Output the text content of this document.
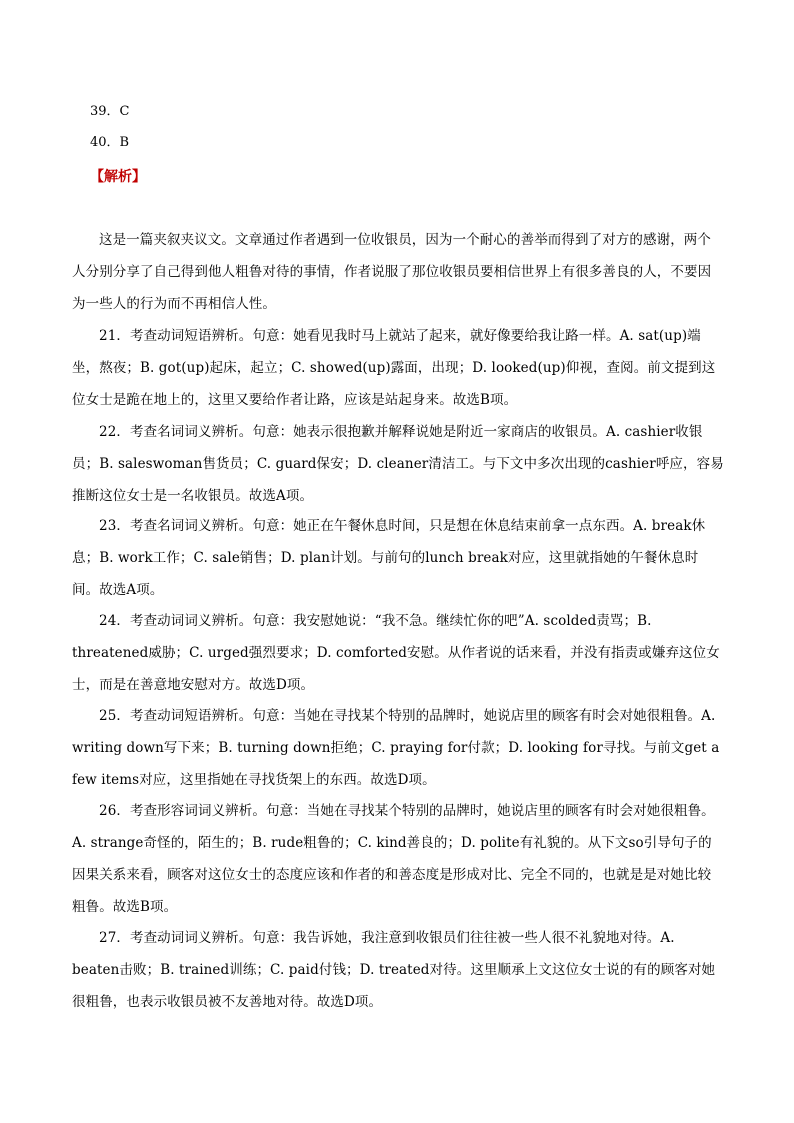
39．C
40．B
【解析】

这是一篇夹叙夹议文。文章通过作者遇到一位收银员，因为一个耐心的善举而得到了对方的感谢，两个人分别分享了自己得到他人粗鲁对待的事情，作者说服了那位收银员要相信世界上有很多善良的人，不要因为一些人的行为而不再相信人性。

21．考查动词短语辨析。句意：她看见我时马上就站了起来，就好像要给我让路一样。A. sat(up)端坐，熬夜；B. got(up)起床，起立；C. showed(up)露面，出现；D. looked(up)仰视，查阅。前文提到这位女士是跪在地上的，这里又要给作者让路，应该是站起身来。故选B项。

22．考查名词词义辨析。句意：她表示很抱歉并解释说她是附近一家商店的收银员。A. cashier收银员；B. saleswoman售货员；C. guard保安；D. cleaner清洁工。与下文中多次出现的cashier呼应，容易推断这位女士是一名收银员。故选A项。

23．考查名词词义辨析。句意：她正在午餐休息时间，只是想在休息结束前拿一点东西。A. break休息；B. work工作；C. sale销售；D. plan计划。与前句的lunch break对应，这里就指她的午餐休息时间。故选A项。

24．考查动词词义辨析。句意：我安慰她说：“我不急。继续忙你的吧”A. scolded责骂；B. threatened威胁；C. urged强烈要求；D. comforted安慰。从作者说的话来看，并没有指责或嫌弃这位女士，而是在善意地安慰对方。故选D项。

25．考查动词短语辨析。句意：当她在寻找某个特别的品牌时，她说店里的顾客有时会对她很粗鲁。A. writing down写下来；B. turning down拒绝；C. praying for付款；D. looking for寻找。与前文get a few items对应，这里指她在寻找货架上的东西。故选D项。

26．考查形容词词义辨析。句意：当她在寻找某个特别的品牌时，她说店里的顾客有时会对她很粗鲁。A. strange奇怪的，陌生的；B. rude粗鲁的；C. kind善良的；D. polite有礼貌的。从下文so引导句子的因果关系来看，顾客对这位女士的态度应该和作者的和善态度是形成对比、完全不同的，也就是是对她比较粗鲁。故选B项。

27．考查动词词义辨析。句意：我告诉她，我注意到收银员们往往被一些人很不礼貌地对待。A. beaten击败；B. trained训练；C. paid付钱；D. treated对待。这里顺承上文这位女士说的有的顾客对她很粗鲁，也表示收银员被不友善地对待。故选D项。
